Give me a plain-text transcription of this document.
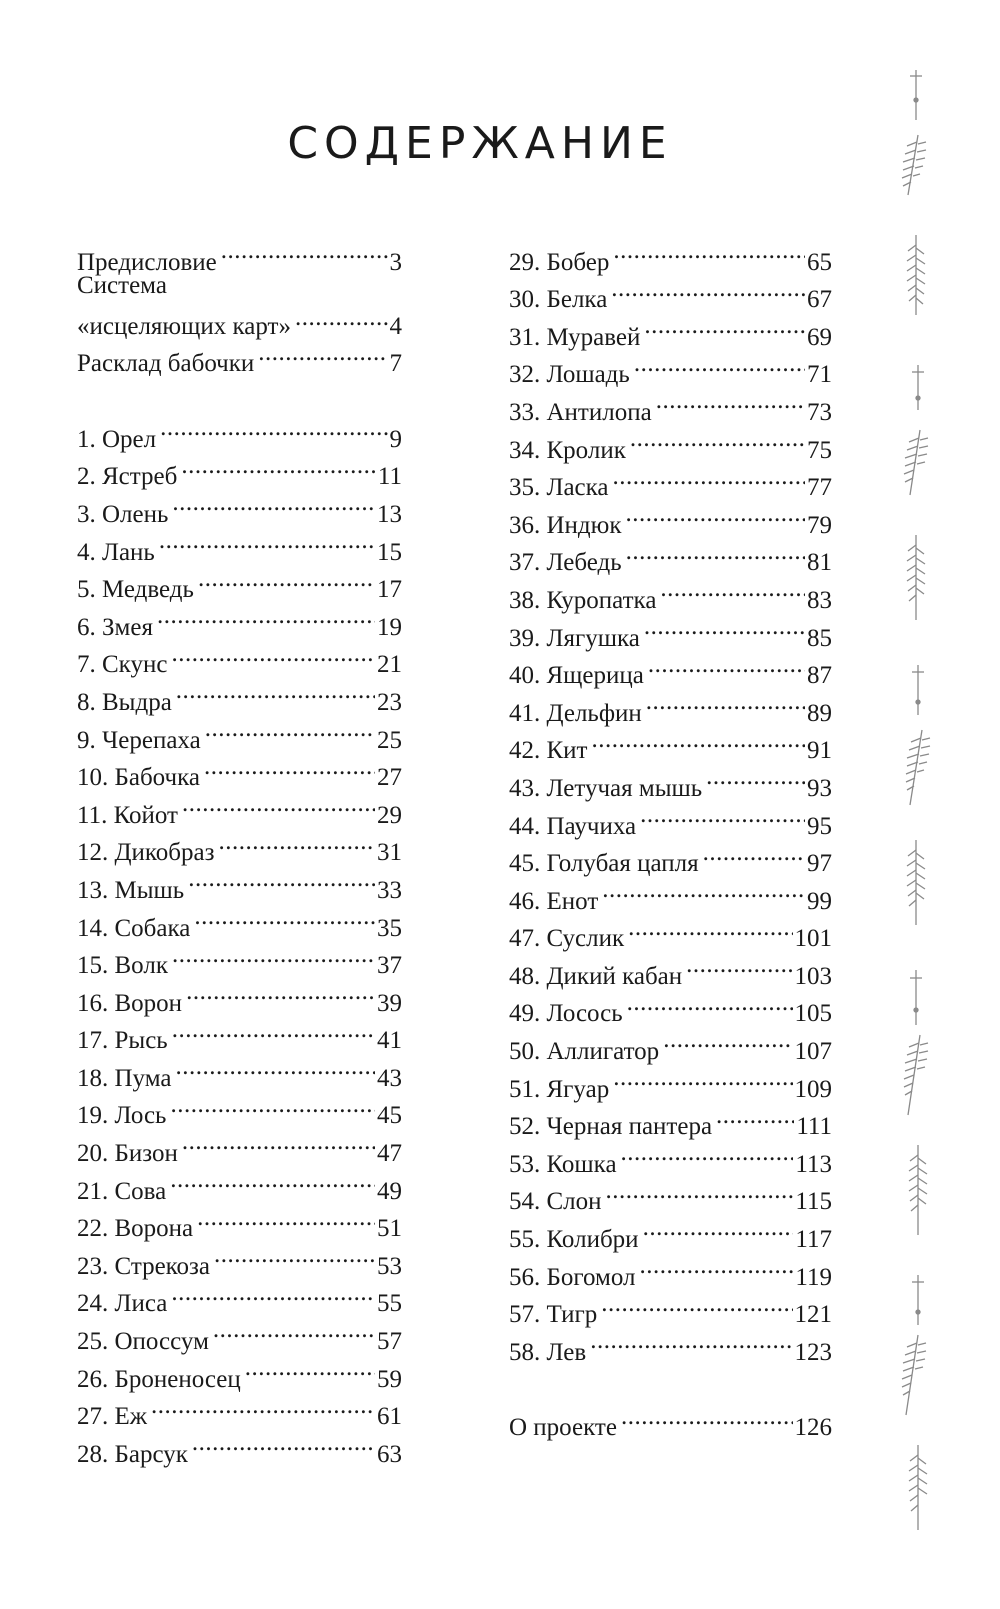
СОДЕРЖАНИЕ
Предисловие .....	3
Система
«исцеляющих карт» .....	4
Расклад бабочки .....	7
1. Орел .....	9
2. Ястреб .....	11
3. Олень .....	13
4. Лань .....	15
5. Медведь .....	17
6. Змея .....	19
7. Скунс .....	21
8. Выдра .....	23
9. Черепаха .....	25
10. Бабочка .....	27
11. Койот .....	29
12. Дикобраз .....	31
13. Мышь .....	33
14. Собака .....	35
15. Волк .....	37
16. Ворон .....	39
17. Рысь .....	41
18. Пума .....	43
19. Лось .....	45
20. Бизон .....	47
21. Сова .....	49
22. Ворона .....	51
23. Стрекоза .....	53
24. Лиса .....	55
25. Опоссум .....	57
26. Броненосец .....	59
27. Еж .....	61
28. Барсук .....	63
29. Бобер .....	65
30. Белка .....	67
31. Муравей .....	69
32. Лошадь .....	71
33. Антилопа .....	73
34. Кролик .....	75
35. Ласка .....	77
36. Индюк .....	79
37. Лебедь .....	81
38. Куропатка .....	83
39. Лягушка .....	85
40. Ящерица .....	87
41. Дельфин .....	89
42. Кит .....	91
43. Летучая мышь .....	93
44. Паучиха .....	95
45. Голубая цапля .....	97
46. Енот .....	99
47. Суслик .....	101
48. Дикий кабан .....	103
49. Лосось .....	105
50. Аллигатор .....	107
51. Ягуар .....	109
52. Черная пантера .....	111
53. Кошка .....	113
54. Слон .....	115
55. Колибри .....	117
56. Богомол .....	119
57. Тигр .....	121
58. Лев .....	123
О проекте .....	126
